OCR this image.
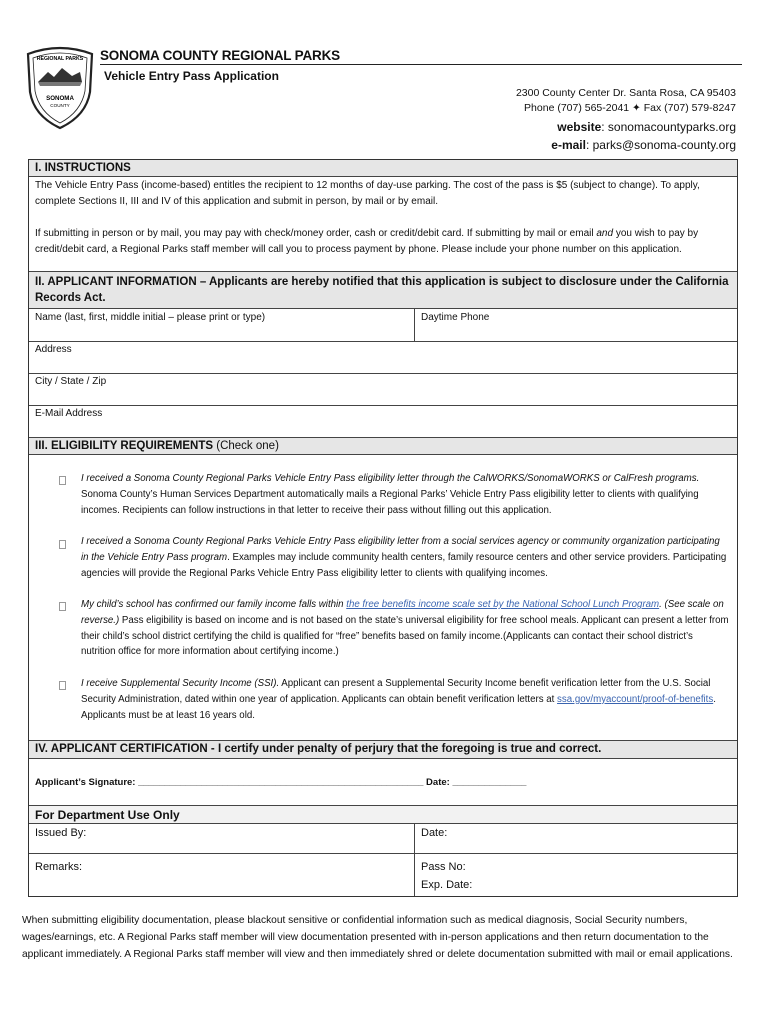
REGIONAL PARKS
SONOMA
COUNTY
SONOMA COUNTY REGIONAL PARKS
Vehicle Entry Pass Application
2300 County Center Dr. Santa Rosa, CA 95403
Phone (707) 565-2041 ✦ Fax (707) 579-8247
website: sonomacountyparks.org
e-mail: parks@sonoma-county.org
I. INSTRUCTIONS
The Vehicle Entry Pass (income-based) entitles the recipient to 12 months of day-use parking. The cost of the pass is $5 (subject to change). To apply, complete Sections II, III and IV of this application and submit in person, by mail or by email.
If submitting in person or by mail, you may pay with check/money order, cash or credit/debit card. If submitting by mail or email and you wish to pay by credit/debit card, a Regional Parks staff member will call you to process payment by phone. Please include your phone number on this application.
II. APPLICANT INFORMATION – Applicants are hereby notified that this application is subject to disclosure under the California Records Act.
Name (last, first, middle initial – please print or type)	Daytime Phone
Address
City / State / Zip
E-Mail Address
III. ELIGIBILITY REQUIREMENTS (Check one)
I received a Sonoma County Regional Parks Vehicle Entry Pass eligibility letter through the CalWORKS/SonomaWORKS or CalFresh programs. Sonoma County’s Human Services Department automatically mails a Regional Parks’ Vehicle Entry Pass eligibility letter to clients with qualifying incomes. Recipients can follow instructions in that letter to receive their pass without filling out this application.
I received a Sonoma County Regional Parks Vehicle Entry Pass eligibility letter from a social services agency or community organization participating in the Vehicle Entry Pass program. Examples may include community health centers, family resource centers and other service providers. Participating agencies will provide the Regional Parks Vehicle Entry Pass eligibility letter to clients with qualifying incomes.
My child’s school has confirmed our family income falls within the free benefits income scale set by the National School Lunch Program. (See scale on reverse.) Pass eligibility is based on income and is not based on the state’s universal eligibility for free school meals. Applicant can present a letter from their child’s school district certifying the child is qualified for “free” benefits based on family income.(Applicants can contact their school district’s nutrition office for more information about certifying income.)
I receive Supplemental Security Income (SSI). Applicant can present a Supplemental Security Income benefit verification letter from the U.S. Social Security Administration, dated within one year of application. Applicants can obtain benefit verification letters at ssa.gov/myaccount/proof-of-benefits. Applicants must be at least 16 years old.
IV. APPLICANT CERTIFICATION - I certify under penalty of perjury that the foregoing is true and correct.
Applicant’s Signature: ______________________________________________________ Date: ______________
For Department Use Only
Issued By:	Date:
Remarks:	Pass No:
Exp. Date:
When submitting eligibility documentation, please blackout sensitive or confidential information such as medical diagnosis, Social Security numbers, wages/earnings, etc. A Regional Parks staff member will view documentation presented with in-person applications and then return documentation to the applicant immediately. A Regional Parks staff member will view and then immediately shred or delete documentation submitted with mail or email applications.
